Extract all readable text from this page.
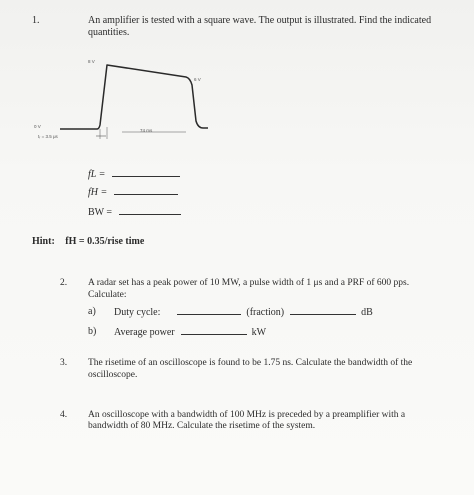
1.	An amplifier is tested with a square wave. The output is illustrated. Find the indicated
quantities.
8 V
6 V
0 V
74 ms
tᵣ = 3.5 μs
fL =
fH =
BW =
Hint: fH = 0.35/rise time
2. A radar set has a peak power of 10 MW, a pulse width of 1 μs and a PRF of 600 pps.
Calculate:
a) Duty cycle:	(fraction)	dB
b) Average power	kW
3. The risetime of an oscilloscope is found to be 1.75 ns. Calculate the bandwidth of the
oscilloscope.
4. An oscilloscope with a bandwidth of 100 MHz is preceded by a preamplifier with a
bandwidth of 80 MHz. Calculate the risetime of the system.
